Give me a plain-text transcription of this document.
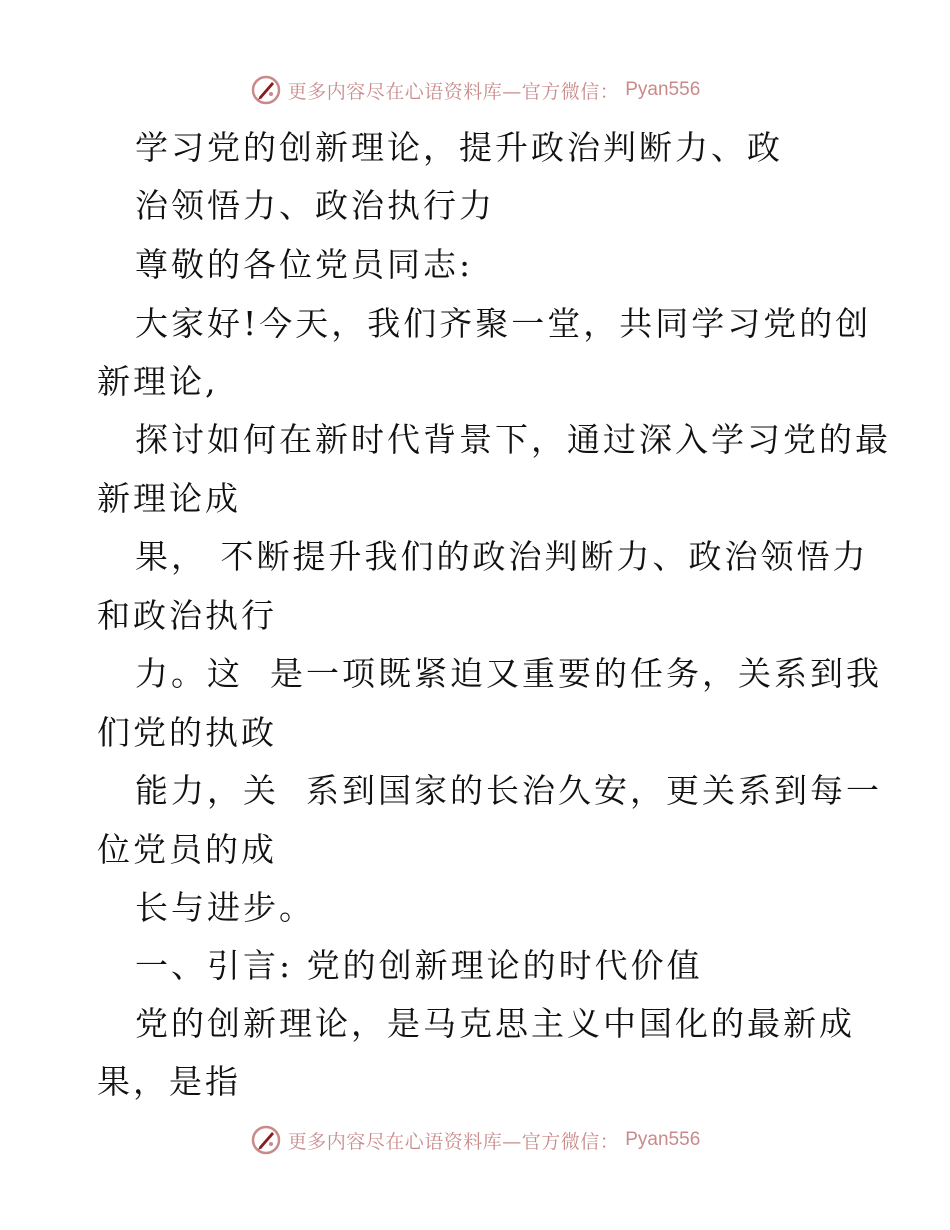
更多内容尽在心语资料库—官方微信： Pyan556
学习党的创新理论，提升政治判断力、政
治领悟力、政治执行力
尊敬的各位党员同志:
大家好!今天，我们齐聚一堂，共同学习党的创
新理论,
探讨如何在新时代背景下，通过深入学习党的最
新理论成
果， 不断提升我们的政治判断力、政治领悟力
和政治执行
力。这  是一项既紧迫又重要的任务，关系到我
们党的执政
能力，关  系到国家的长治久安，更关系到每一
位党员的成
长与进步。
一、引言: 党的创新理论的时代价值
党的创新理论，是马克思主义中国化的最新成
果，是指
更多内容尽在心语资料库—官方微信： Pyan556
